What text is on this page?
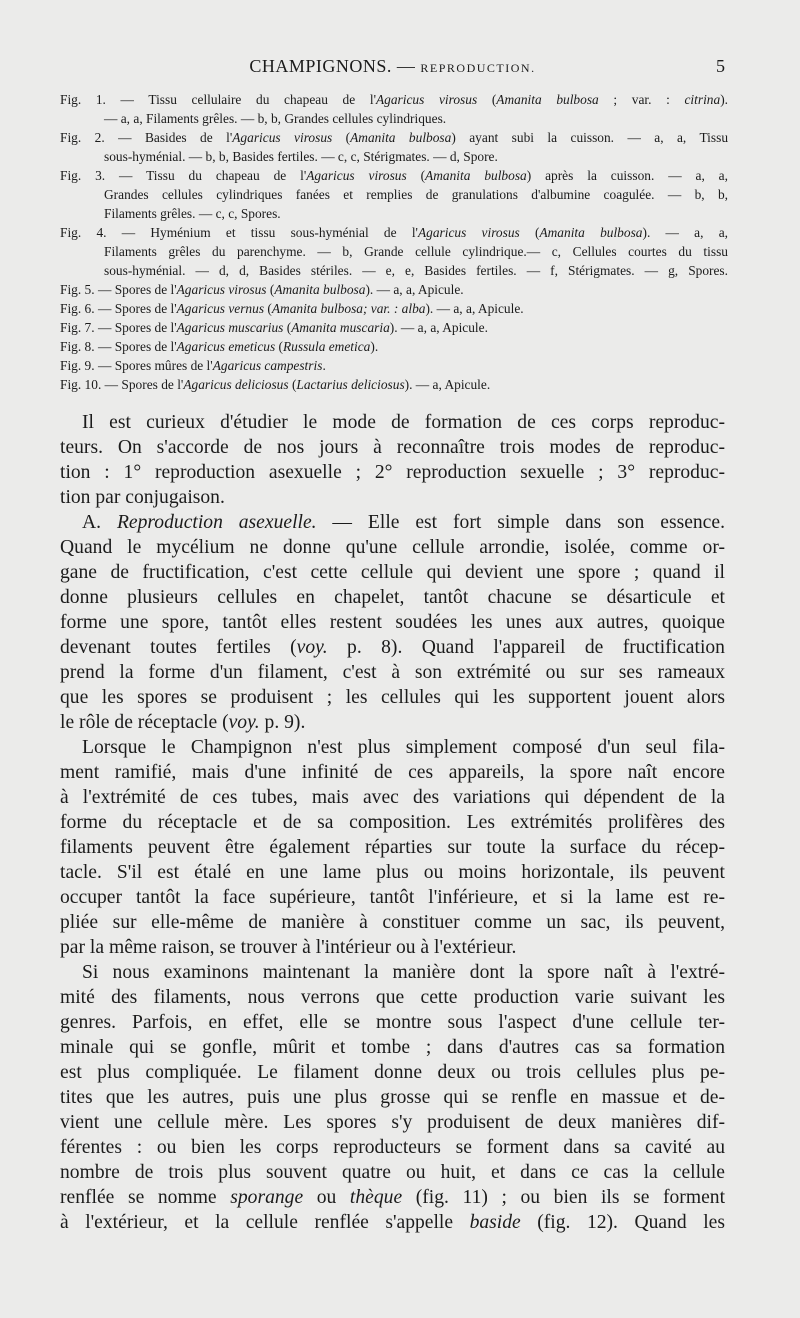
CHAMPIGNONS. — REPRODUCTION.	5

Fig. 1. — Tissu cellulaire du chapeau de l'Agaricus virosus (Amanita bulbosa ; var. : citrina).

— a, a, Filaments grêles. — b, b, Grandes cellules cylindriques.

Fig. 2. — Basides de l'Agaricus virosus (Amanita bulbosa) ayant subi la cuisson. — a, a, Tissu

sous-hyménial. — b, b, Basides fertiles. — c, c, Stérigmates. — d, Spore.

Fig. 3. — Tissu du chapeau de l'Agaricus virosus (Amanita bulbosa) après la cuisson. — a, a,

Grandes cellules cylindriques fanées et remplies de granulations d'albumine coagulée. — b, b,

Filaments grêles. — c, c, Spores.

Fig. 4. — Hyménium et tissu sous-hyménial de l'Agaricus virosus (Amanita bulbosa). — a, a,

Filaments grêles du parenchyme. — b, Grande cellule cylindrique.— c, Cellules courtes du tissu

sous-hyménial. — d, d, Basides stériles. — e, e, Basides fertiles. — f, Stérigmates. — g, Spores.

Fig. 5. — Spores de l'Agaricus virosus (Amanita bulbosa). — a, a, Apicule.

Fig. 6. — Spores de l'Agaricus vernus (Amanita bulbosa; var. : alba). — a, a, Apicule.

Fig. 7. — Spores de l'Agaricus muscarius (Amanita muscaria). — a, a, Apicule.

Fig. 8. — Spores de l'Agaricus emeticus (Russula emetica).

Fig. 9. — Spores mûres de l'Agaricus campestris.

Fig. 10. — Spores de l'Agaricus deliciosus (Lactarius deliciosus). — a, Apicule.

Il est curieux d'étudier le mode de formation de ces corps reproduc-
teurs. On s'accorde de nos jours à reconnaître trois modes de reproduc-
tion : 1° reproduction asexuelle ; 2° reproduction sexuelle ; 3° reproduc-
tion par conjugaison.

A. Reproduction asexuelle. — Elle est fort simple dans son essence.
Quand le mycélium ne donne qu'une cellule arrondie, isolée, comme or-
gane de fructification, c'est cette cellule qui devient une spore ; quand il
donne plusieurs cellules en chapelet, tantôt chacune se désarticule et
forme une spore, tantôt elles restent soudées les unes aux autres, quoique
devenant toutes fertiles (voy. p. 8). Quand l'appareil de fructification
prend la forme d'un filament, c'est à son extrémité ou sur ses rameaux
que les spores se produisent ; les cellules qui les supportent jouent alors
le rôle de réceptacle (voy. p. 9).

Lorsque le Champignon n'est plus simplement composé d'un seul fila-
ment ramifié, mais d'une infinité de ces appareils, la spore naît encore
à l'extrémité de ces tubes, mais avec des variations qui dépendent de la
forme du réceptacle et de sa composition. Les extrémités prolifères des
filaments peuvent être également réparties sur toute la surface du récep-
tacle. S'il est étalé en une lame plus ou moins horizontale, ils peuvent
occuper tantôt la face supérieure, tantôt l'inférieure, et si la lame est re-
pliée sur elle-même de manière à constituer comme un sac, ils peuvent,
par la même raison, se trouver à l'intérieur ou à l'extérieur.

Si nous examinons maintenant la manière dont la spore naît à l'extré-
mité des filaments, nous verrons que cette production varie suivant les
genres. Parfois, en effet, elle se montre sous l'aspect d'une cellule ter-
minale qui se gonfle, mûrit et tombe ; dans d'autres cas sa formation
est plus compliquée. Le filament donne deux ou trois cellules plus pe-
tites que les autres, puis une plus grosse qui se renfle en massue et de-
vient une cellule mère. Les spores s'y produisent de deux manières dif-
férentes : ou bien les corps reproducteurs se forment dans sa cavité au
nombre de trois plus souvent quatre ou huit, et dans ce cas la cellule
renflée se nomme sporange ou thèque (fig. 11) ; ou bien ils se forment
à l'extérieur, et la cellule renflée s'appelle baside (fig. 12). Quand les
